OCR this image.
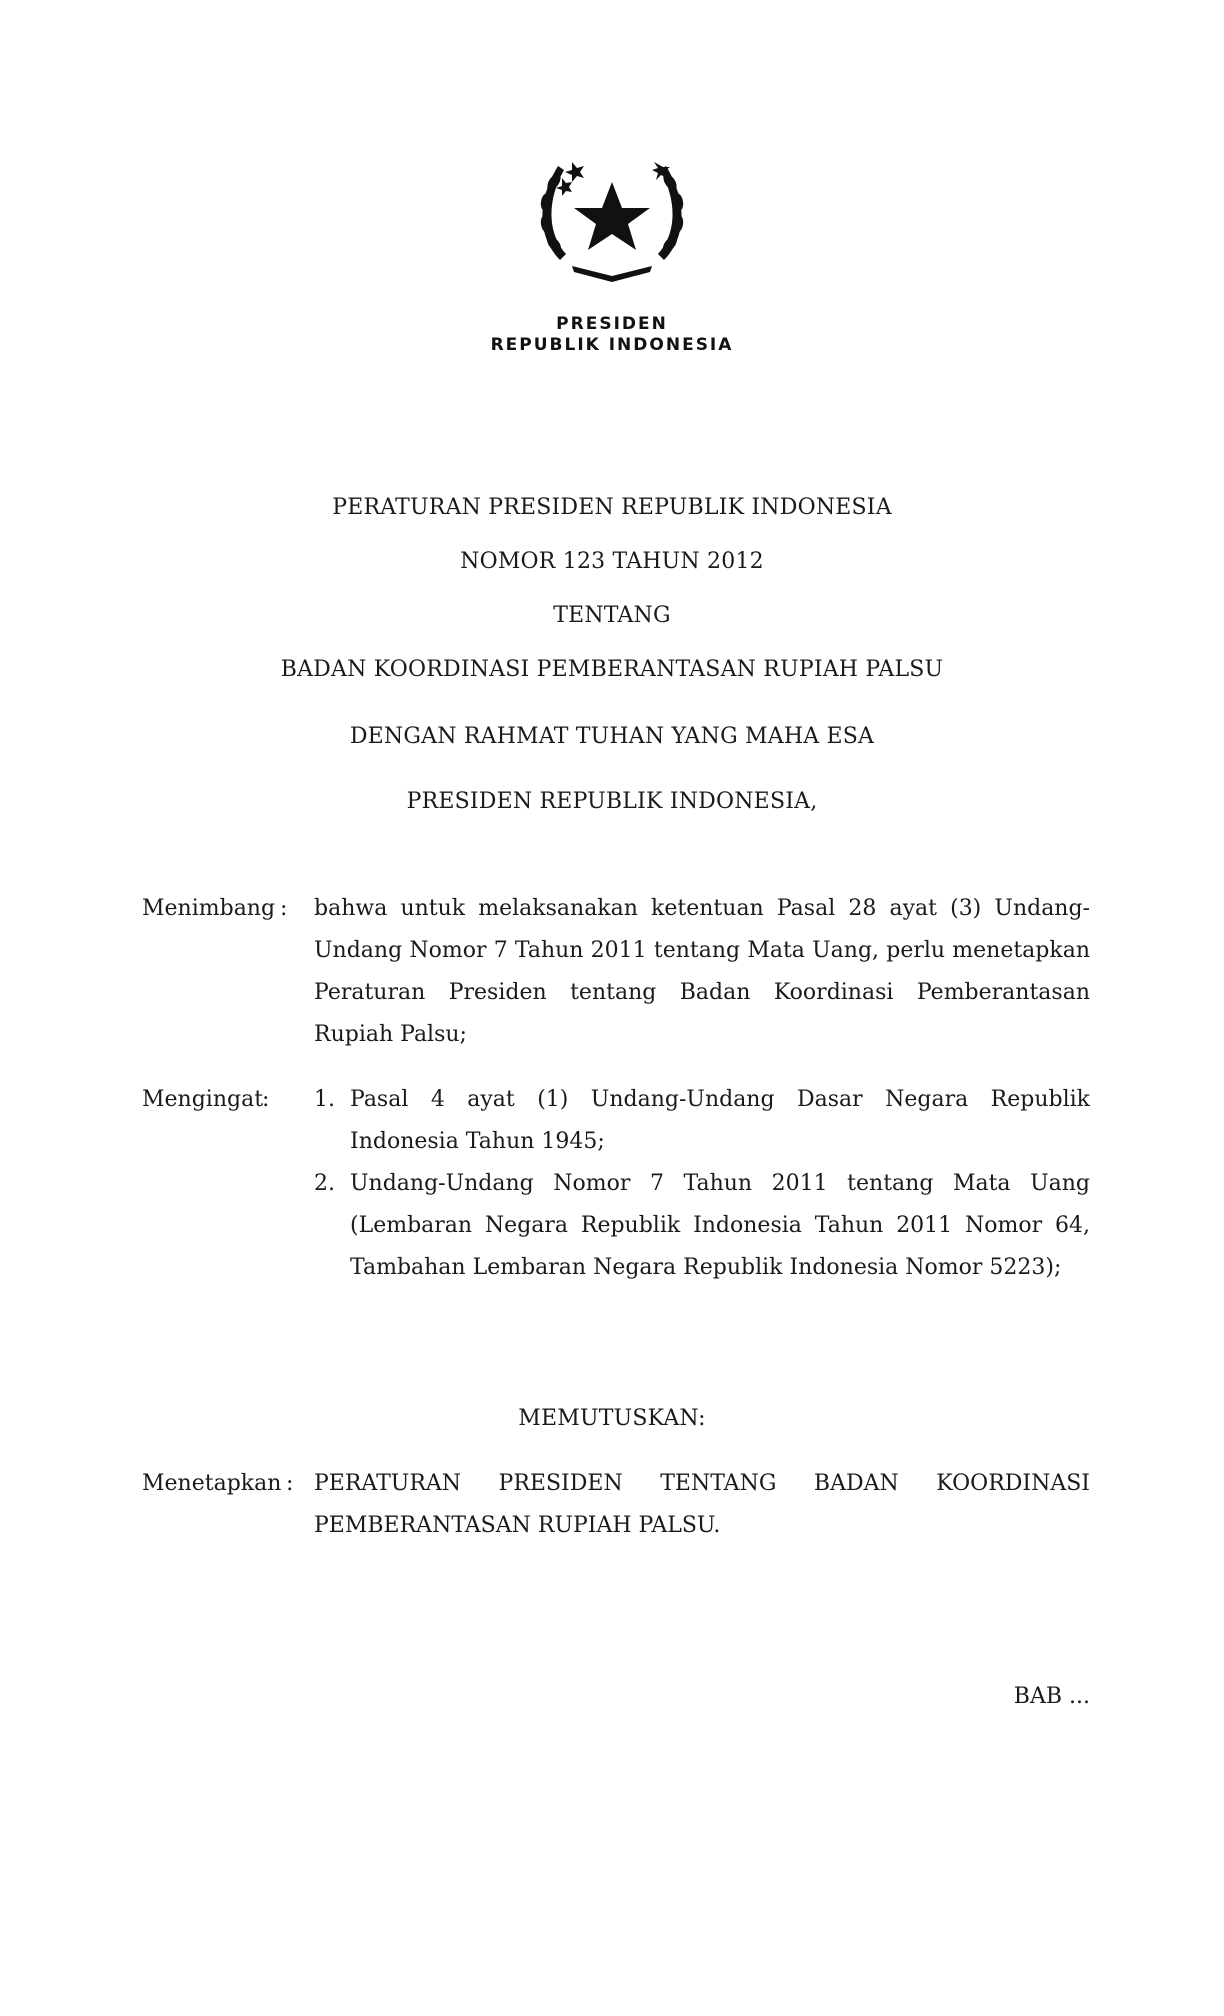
PRESIDEN
REPUBLIK INDONESIA
PERATURAN PRESIDEN REPUBLIK INDONESIA
NOMOR 123 TAHUN 2012
TENTANG
BADAN KOORDINASI PEMBERANTASAN RUPIAH PALSU
DENGAN RAHMAT TUHAN YANG MAHA ESA
PRESIDEN REPUBLIK INDONESIA,
Menimbang : bahwa untuk melaksanakan ketentuan Pasal 28 ayat (3) Undang-Undang Nomor 7 Tahun 2011 tentang Mata Uang, perlu menetapkan Peraturan Presiden tentang Badan Koordinasi Pemberantasan Rupiah Palsu;
Mengingat
: 1. Pasal 4 ayat (1) Undang-Undang Dasar Negara Republik Indonesia Tahun 1945;
2. Undang-Undang Nomor 7 Tahun 2011 tentang Mata Uang (Lembaran Negara Republik Indonesia Tahun 2011 Nomor 64, Tambahan Lembaran Negara Republik Indonesia Nomor 5223);
MEMUTUSKAN:
Menetapkan : PERATURAN PRESIDEN TENTANG BADAN KOORDINASI
PEMBERANTASAN RUPIAH PALSU.
BAB ...
